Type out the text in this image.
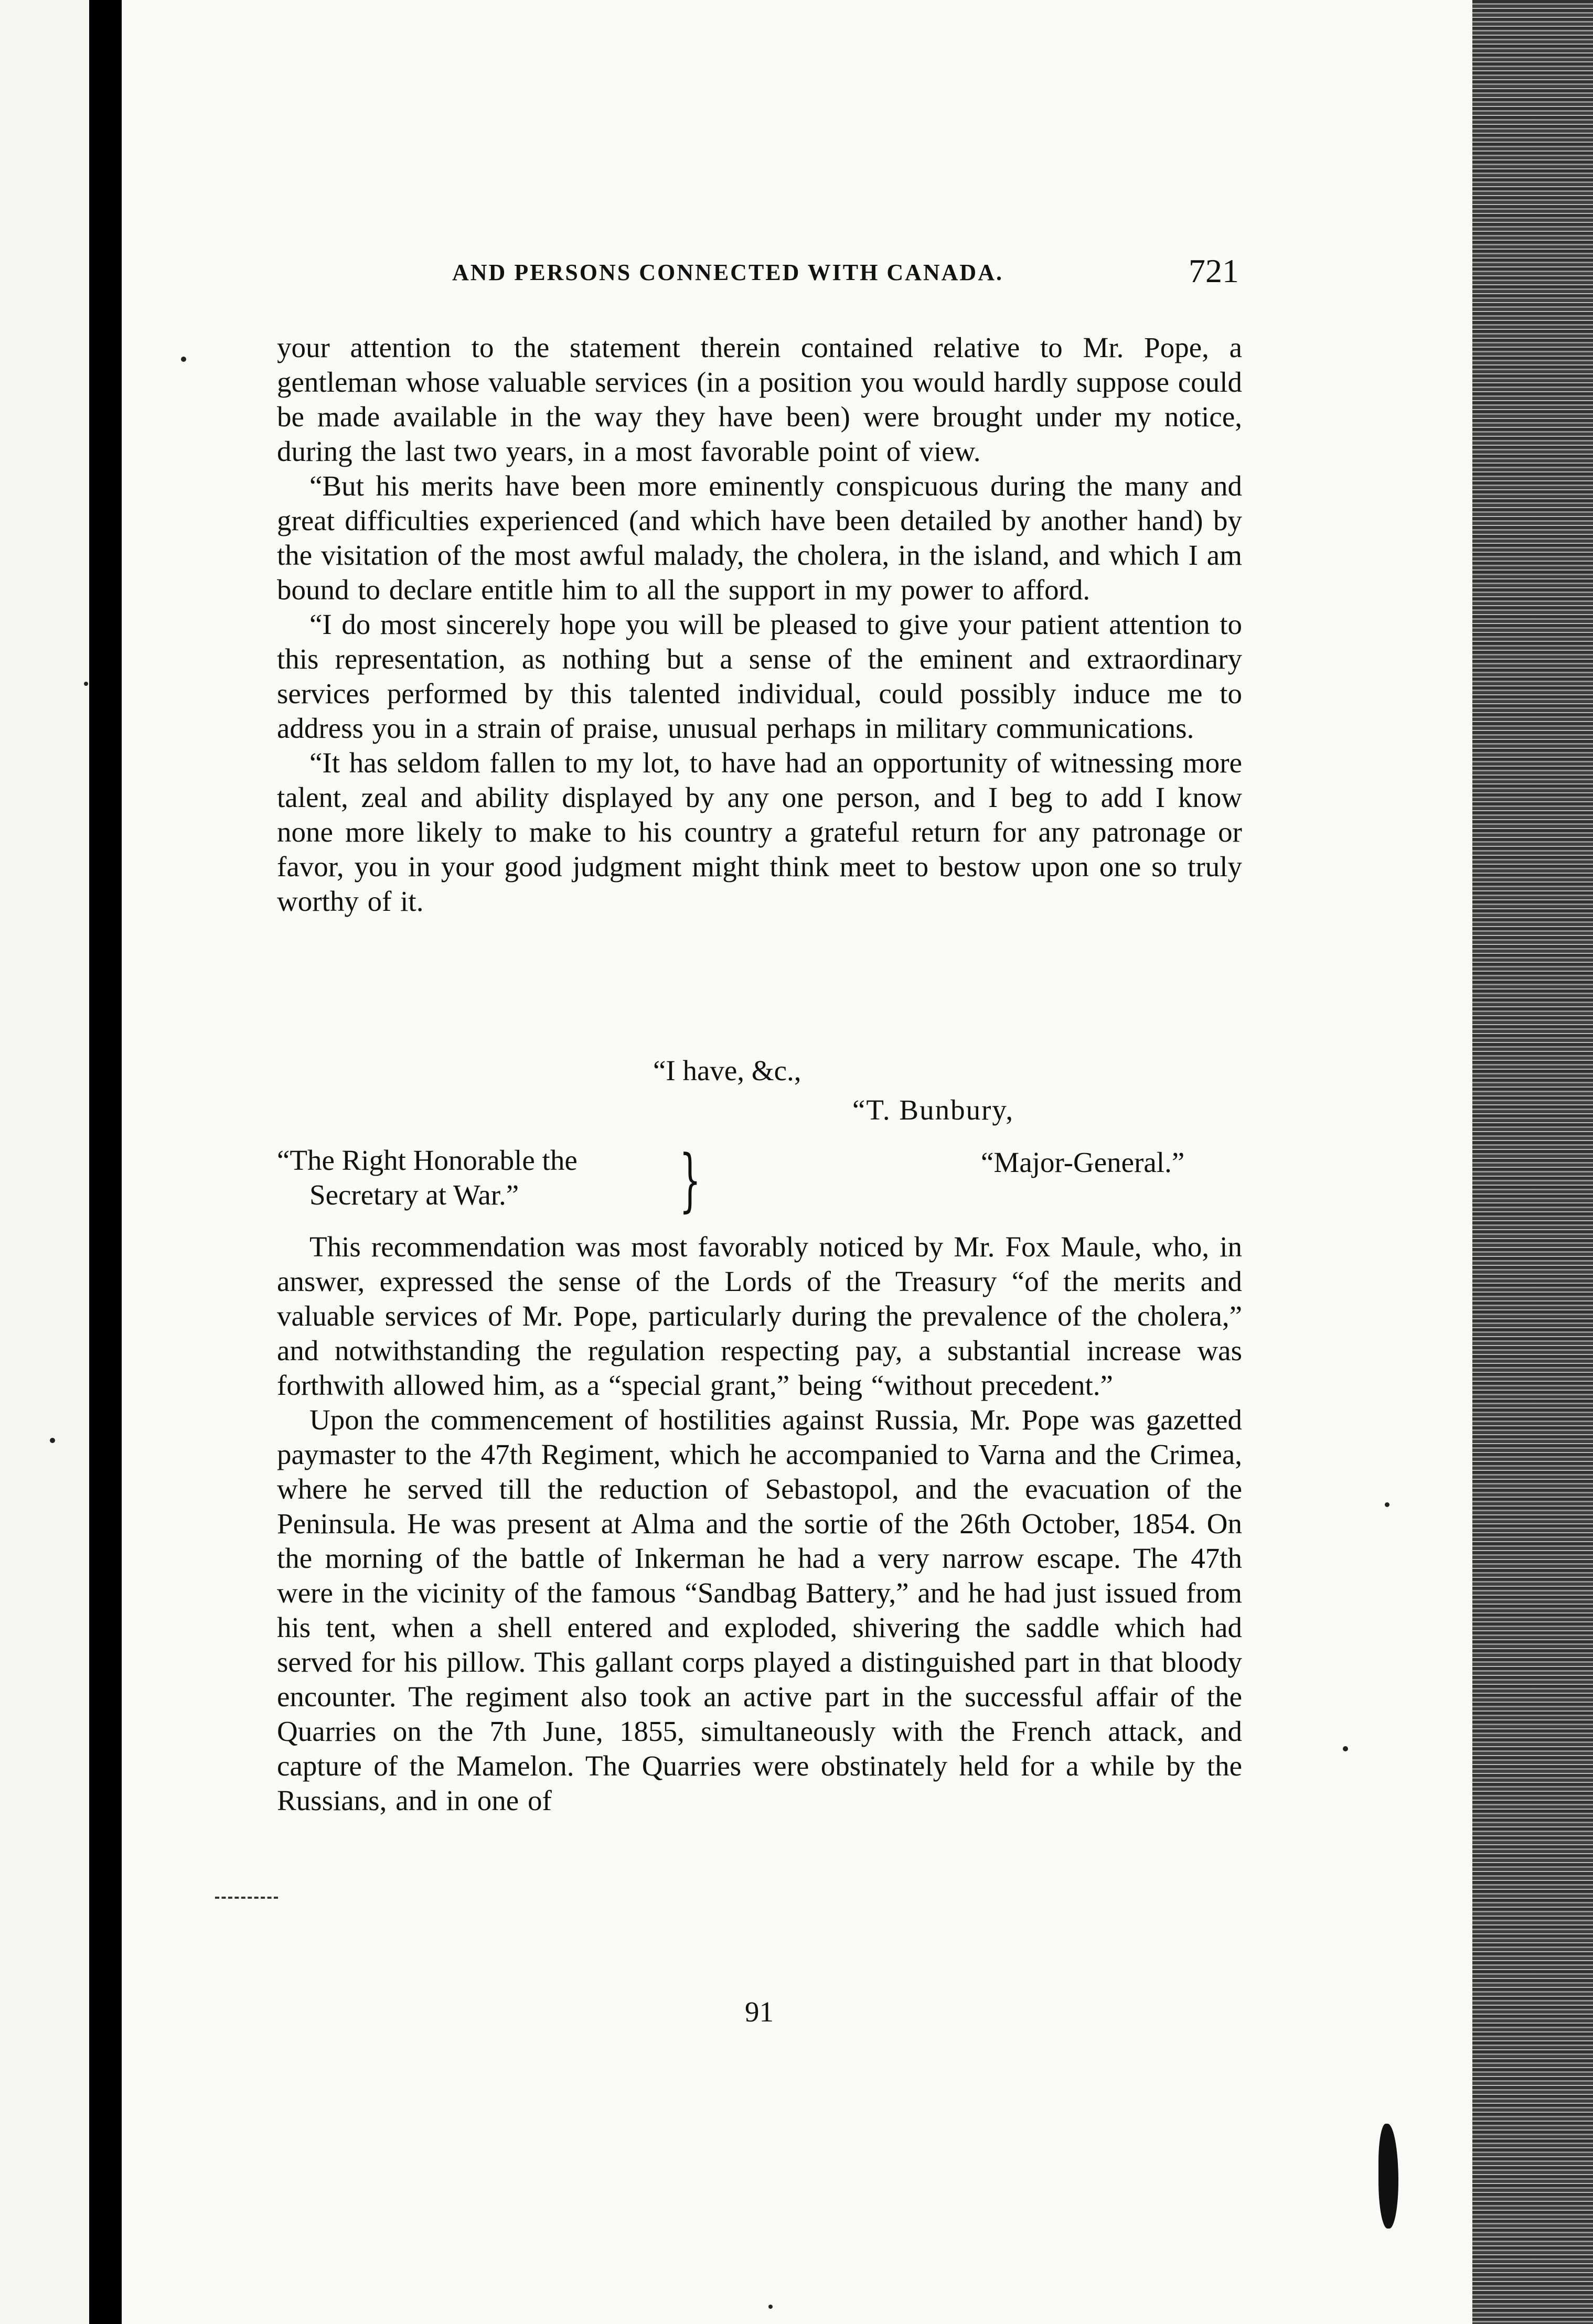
AND PERSONS CONNECTED WITH CANADA.	721

your attention to the statement therein contained relative to Mr. Pope, a gentleman whose valuable services (in a position you would hardly suppose could be made available in the way they have been) were brought under my notice, during the last two years, in a most favorable point of view.

“But his merits have been more eminently conspicuous during the many and great difficulties experienced (and which have been detailed by another hand) by the visitation of the most awful malady, the cholera, in the island, and which I am bound to declare entitle him to all the support in my power to afford.

“I do most sincerely hope you will be pleased to give your patient attention to this representation, as nothing but a sense of the eminent and extraordinary services performed by this talented individual, could possibly induce me to address you in a strain of praise, unusual perhaps in military communications.

“It has seldom fallen to my lot, to have had an opportunity of witnessing more talent, zeal and ability displayed by any one person, and I beg to add I know none more likely to make to his country a grateful return for any patronage or favor, you in your good judgment might think meet to bestow upon one so truly worthy of it.

“I have, &c.,
“T. Bunbury,
“The Right Honorable the
Secretary at War.”	}	“Major-General.”

This recommendation was most favorably noticed by Mr. Fox Maule, who, in answer, expressed the sense of the Lords of the Treasury “of the merits and valuable services of Mr. Pope, particularly during the prevalence of the cholera,” and notwithstanding the regulation respecting pay, a substantial increase was forthwith allowed him, as a “special grant,” being “without precedent.”

Upon the commencement of hostilities against Russia, Mr. Pope was gazetted paymaster to the 47th Regiment, which he accompanied to Varna and the Crimea, where he served till the reduction of Sebastopol, and the evacuation of the Peninsula. He was present at Alma and the sortie of the 26th October, 1854. On the morning of the battle of Inkerman he had a very narrow escape. The 47th were in the vicinity of the famous “Sandbag Battery,” and he had just issued from his tent, when a shell entered and exploded, shivering the saddle which had served for his pillow. This gallant corps played a distinguished part in that bloody encounter. The regiment also took an active part in the successful affair of the Quarries on the 7th June, 1855, simultaneously with the French attack, and capture of the Mamelon. The Quarries were obstinately held for a while by the Russians, and in one of

91
